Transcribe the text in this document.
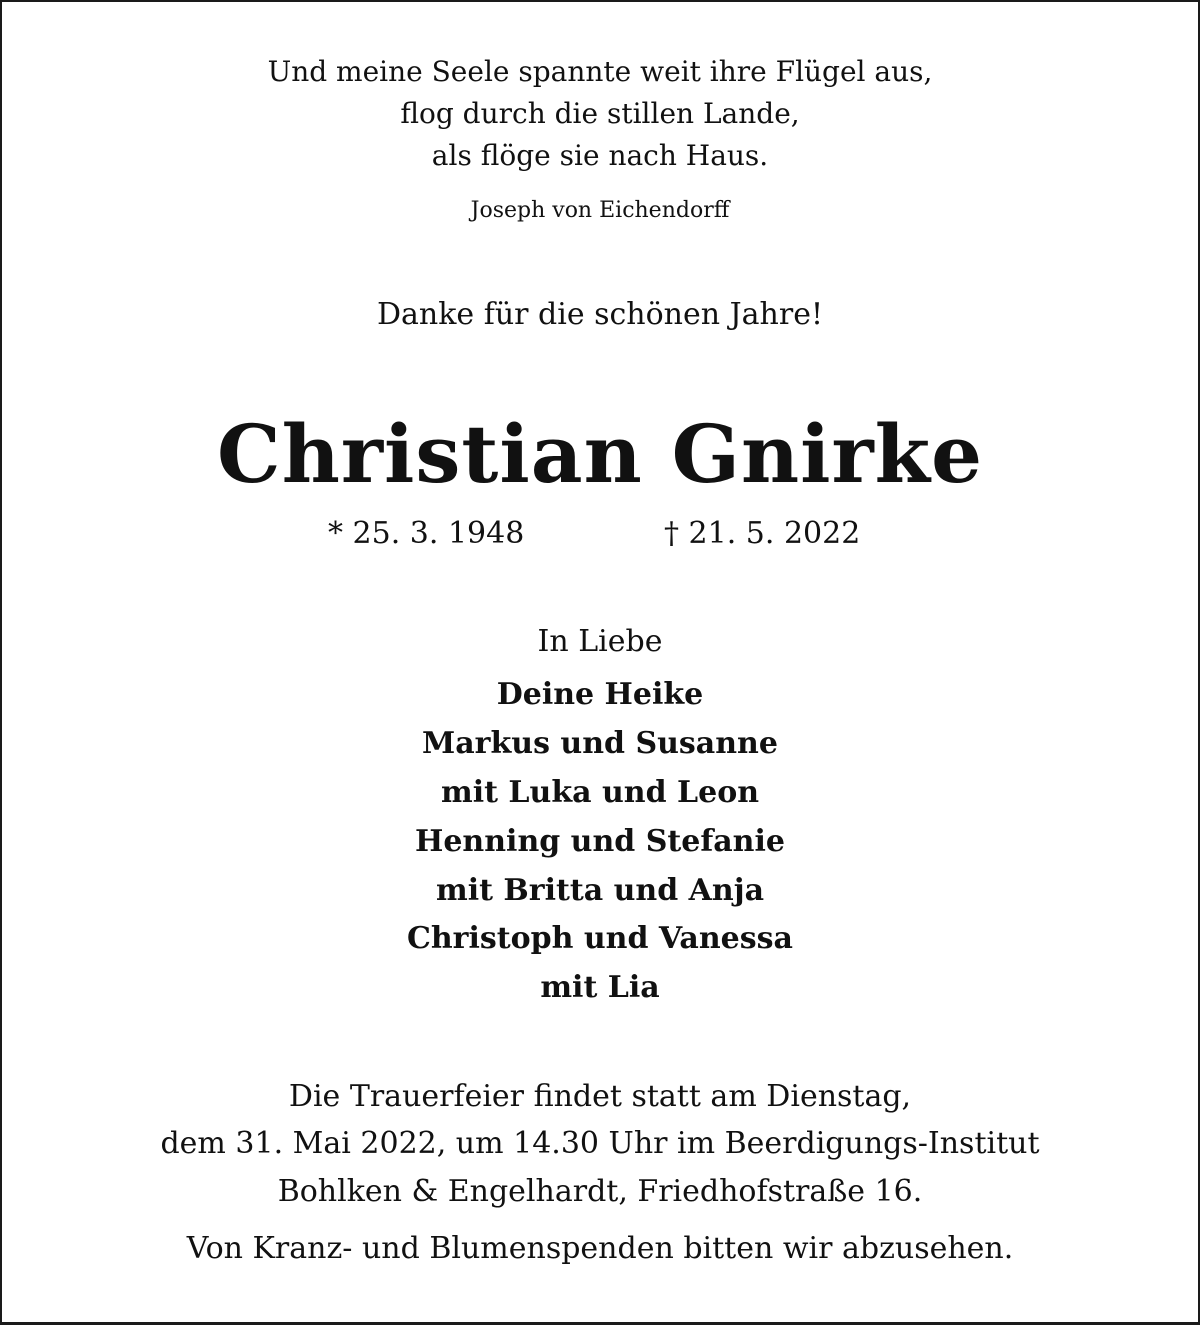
Und meine Seele spannte weit ihre Flügel aus,
flog durch die stillen Lande,
als flöge sie nach Haus.
Joseph von Eichendorff
Danke für die schönen Jahre!
Christian Gnirke
* 25. 3. 1948	† 21. 5. 2022
In Liebe
Deine Heike
Markus und Susanne
mit Luka und Leon
Henning und Stefanie
mit Britta und Anja
Christoph und Vanessa
mit Lia
Die Trauerfeier findet statt am Dienstag,
dem 31. Mai 2022, um 14.30 Uhr im Beerdigungs-Institut
Bohlken & Engelhardt, Friedhofstraße 16.
Von Kranz- und Blumenspenden bitten wir abzusehen.
